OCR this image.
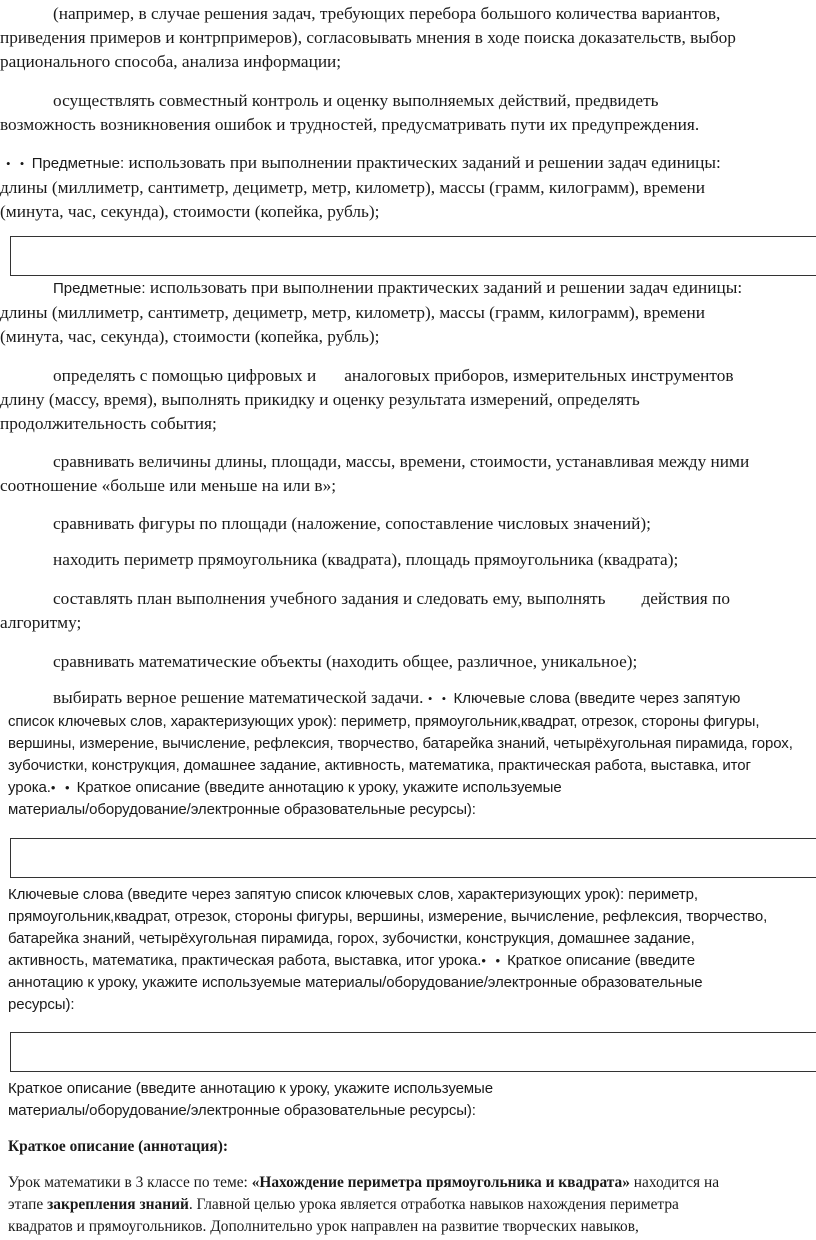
(например, в случае решения задач, требующих перебора большого количества вариантов,
приведения примеров и контрпримеров), согласовывать мнения в ходе поиска доказательств, выбор
рационального способа, анализа информации;
осуществлять совместный контроль и оценку выполняемых действий, предвидеть
возможность возникновения ошибок и трудностей, предусматривать пути их предупреждения.
• • Предметные: использовать при выполнении практических заданий и решении задач единицы:
длины (миллиметр, сантиметр, дециметр, метр, километр), массы (грамм, килограмм), времени
(минута, час, секунда), стоимости (копейка, рубль);
Предметные: использовать при выполнении практических заданий и решении задач единицы:
длины (миллиметр, сантиметр, дециметр, метр, километр), массы (грамм, килограмм), времени
(минута, час, секунда), стоимости (копейка, рубль);
определять с помощью цифровых и аналоговых приборов, измерительных инструментов
длину (массу, время), выполнять прикидку и оценку результата измерений, определять
продолжительность события;
сравнивать величины длины, площади, массы, времени, стоимости, устанавливая между ними
соотношение «больше или меньше на или в»;
сравнивать фигуры по площади (наложение, сопоставление числовых значений);
находить периметр прямоугольника (квадрата), площадь прямоугольника (квадрата);
составлять план выполнения учебного задания и следовать ему, выполнять действия по
алгоритму;
сравнивать математические объекты (находить общее, различное, уникальное);
выбирать верное решение математической задачи. • • Ключевые слова (введите через запятую
список ключевых слов, характеризующих урок): периметр, прямоугольник,квадрат, отрезок, стороны фигуры,
вершины, измерение, вычисление, рефлексия, творчество, батарейка знаний, четырёхугольная пирамида, горох,
зубочистки, конструкция, домашнее задание, активность, математика, практическая работа, выставка, итог
урока.• • Краткое описание (введите аннотацию к уроку, укажите используемые
материалы/оборудование/электронные образовательные ресурсы):
Ключевые слова (введите через запятую список ключевых слов, характеризующих урок): периметр,
прямоугольник,квадрат, отрезок, стороны фигуры, вершины, измерение, вычисление, рефлексия, творчество,
батарейка знаний, четырёхугольная пирамида, горох, зубочистки, конструкция, домашнее задание,
активность, математика, практическая работа, выставка, итог урока.• • Краткое описание (введите
аннотацию к уроку, укажите используемые материалы/оборудование/электронные образовательные
ресурсы):
Краткое описание (введите аннотацию к уроку, укажите используемые
материалы/оборудование/электронные образовательные ресурсы):
Краткое описание (аннотация):
Урок математики в 3 классе по теме: «Нахождение периметра прямоугольника и квадрата» находится на
этапе закрепления знаний. Главной целью урока является отработка навыков нахождения периметра
квадратов и прямоугольников. Дополнительно урок направлен на развитие творческих навыков,
